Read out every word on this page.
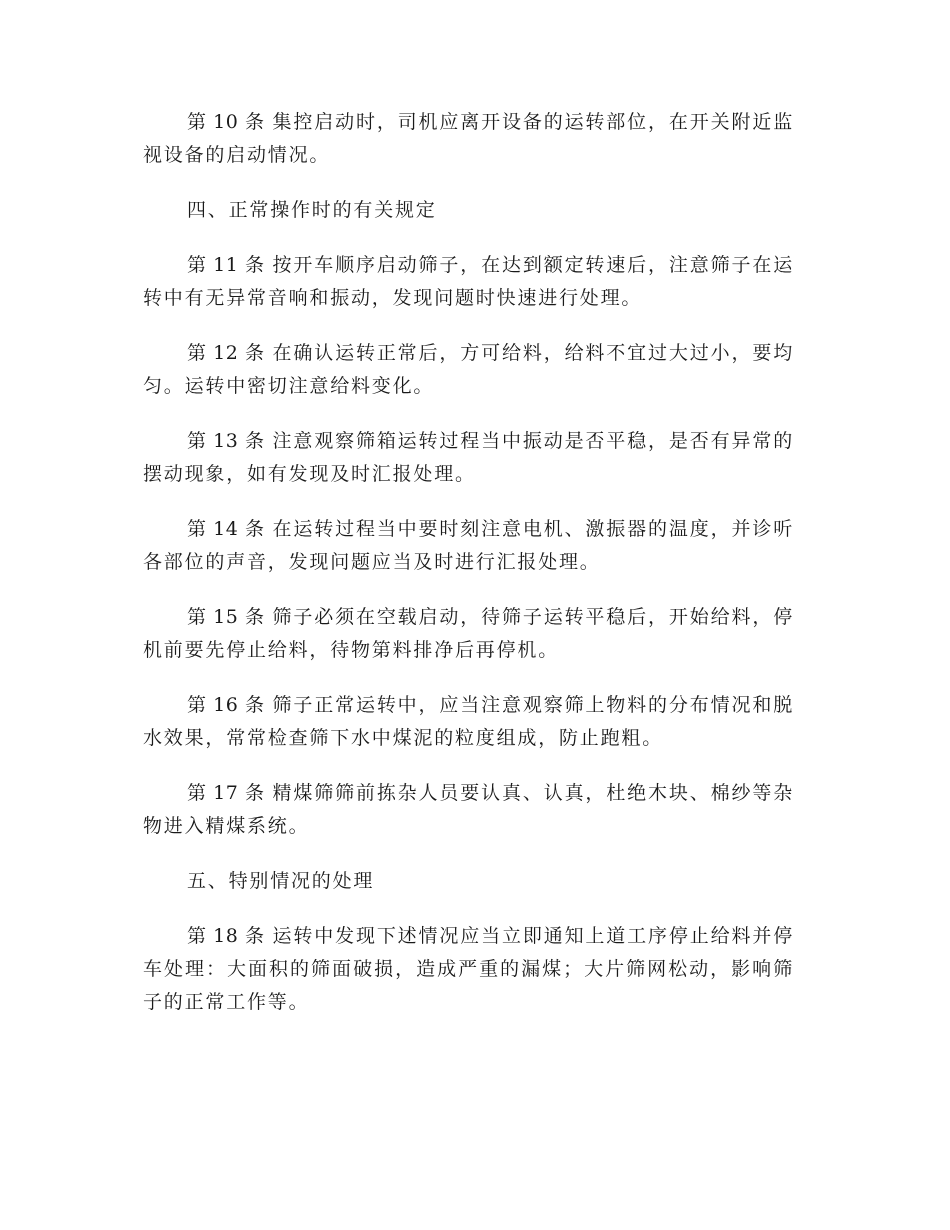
第 10 条 集控启动时，司机应离开设备的运转部位，在开关附近监视设备的启动情况。

四、正常操作时的有关规定

第 11 条 按开车顺序启动筛子，在达到额定转速后，注意筛子在运转中有无异常音响和振动，发现问题时快速进行处理。

第 12 条 在确认运转正常后，方可给料，给料不宜过大过小，要均匀。运转中密切注意给料变化。

第 13 条 注意观察筛箱运转过程当中振动是否平稳，是否有异常的摆动现象，如有发现及时汇报处理。

第 14 条 在运转过程当中要时刻注意电机、激振器的温度，并诊听各部位的声音，发现问题应当及时进行汇报处理。

第 15 条 筛子必须在空载启动，待筛子运转平稳后，开始给料，停机前要先停止给料，待物第料排净后再停机。

第 16 条 筛子正常运转中，应当注意观察筛上物料的分布情况和脱水效果，常常检查筛下水中煤泥的粒度组成，防止跑粗。

第 17 条 精煤筛筛前拣杂人员要认真、认真，杜绝木块、棉纱等杂物进入精煤系统。

五、特别情况的处理

第 18 条 运转中发现下述情况应当立即通知上道工序停止给料并停车处理：大面积的筛面破损，造成严重的漏煤；大片筛网松动，影响筛子的正常工作等。
